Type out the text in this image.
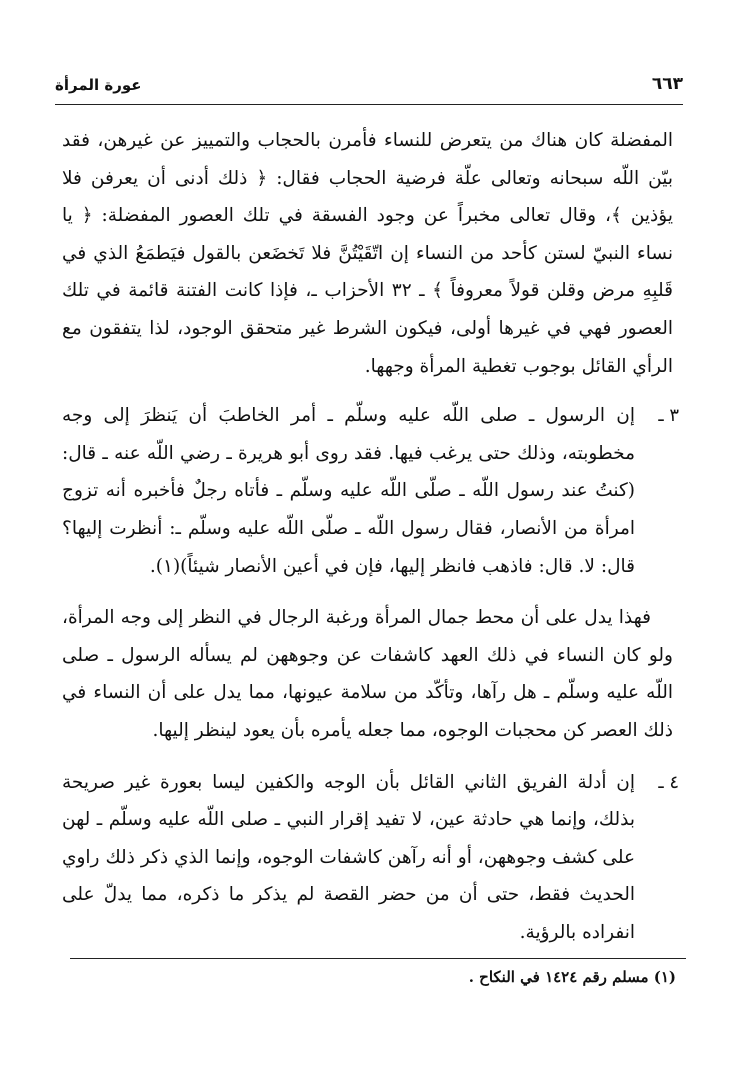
عورة المرأة	٦٦٣

المفضلة كان هناك من يتعرض للنساء فأمرن بالحجاب والتمييز عن غيرهن، فقد بيّن اللّه سبحانه وتعالى علّة فرضية الحجاب فقال: ﴿ ذلك أدنى أن يعرفن فلا يؤذين ﴾، وقال تعالى مخبراً عن وجود الفسقة في تلك العصور المفضلة: ﴿ يا نساء النبيّ لستن كأحد من النساء إن اتّقَيْتُنَّ فلا تَخضَعن بالقول فيَطمَعُ الذي في قَلبِهِ مرض وقلن قولاً معروفاً ﴾ ـ ٣٢ الأحزاب ـ، فإذا كانت الفتنة قائمة في تلك العصور فهي في غيرها أولى، فيكون الشرط غير متحقق الوجود، لذا يتفقون مع الرأي القائل بوجوب تغطية المرأة وجهها.

٣ ـ

إن الرسول ـ صلى اللّه عليه وسلّم ـ أمر الخاطبَ أن يَنظرَ إلى وجه مخطوبته، وذلك حتى يرغب فيها. فقد روى أبو هريرة ـ رضي اللّه عنه ـ قال: (كنتُ عند رسول اللّه ـ صلّى اللّه عليه وسلّم ـ فأتاه رجلٌ فأخبره أنه تزوج امرأة من الأنصار، فقال رسول اللّه ـ صلّى اللّه عليه وسلّم ـ: أنظرت إليها؟ قال: لا. قال: فاذهب فانظر إليها، فإن في أعين الأنصار شيئاً)(١).

فهذا يدل على أن محط جمال المرأة ورغبة الرجال في النظر إلى وجه المرأة، ولو كان النساء في ذلك العهد كاشفات عن وجوههن لم يسأله الرسول ـ صلى اللّه عليه وسلّم ـ هل رآها، وتأكّد من سلامة عيونها، مما يدل على أن النساء في ذلك العصر كن محجبات الوجوه، مما جعله يأمره بأن يعود لينظر إليها.

٤ ـ

إن أدلة الفريق الثاني القائل بأن الوجه والكفين ليسا بعورة غير صريحة بذلك، وإنما هي حادثة عين، لا تفيد إقرار النبي ـ صلى اللّه عليه وسلّم ـ لهن على كشف وجوههن، أو أنه رآهن كاشفات الوجوه، وإنما الذي ذكر ذلك راوي الحديث فقط، حتى أن من حضر القصة لم يذكر ما ذكره، مما يدلّ على انفراده بالرؤية.

(١) مسلم رقم ١٤٢٤ في النكاح .
